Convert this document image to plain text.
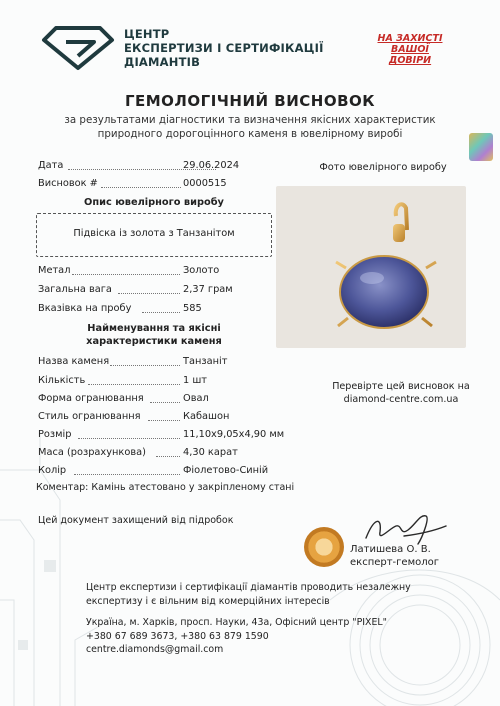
ЦЕНТР
ЕКСПЕРТИЗИ І СЕРТИФІКАЦІЇ
ДІАМАНТІВ
НА ЗАХИСТІ
ВАШОЇ
ДОВІРИ
ГЕМОЛОГІЧНИЙ ВИСНОВОК
за результатами діагностики та визначення якісних характеристик
природного дорогоцінного каменя в ювелірному виробі
Дата	29.06.2024
Висновок #	0000515
Опис ювелірного виробу
Підвіска із золота з Танзанітом
Метал	Золото
Загальна вага	2,37 грам
Вказівка на пробу	585
Найменування та якісні
характеристики каменя
Назва каменя	Танзаніт
Кількість	1 шт
Форма огранювання	Овал
Стиль огранювання	Кабашон
Розмір	11,10x9,05x4,90 мм
Маса (розрахункова)	4,30 карат
Колір	Фіолетово-Синій
Коментар: Камінь атестовано у закріпленому стані
Цей документ захищений від підробок
Фото ювелірного виробу
Перевірте цей висновок на
diamond-centre.com.ua
Латишева О. В.
експерт-гемолог
Центр експертизи і сертифікації діамантів проводить незалежну
експертизу і є вільним від комерційних інтересів
Україна, м. Харків, просп. Науки, 43а, Офісний центр "PIXEL"
+380 67 689 3673, +380 63 879 1590
centre.diamonds@gmail.com
